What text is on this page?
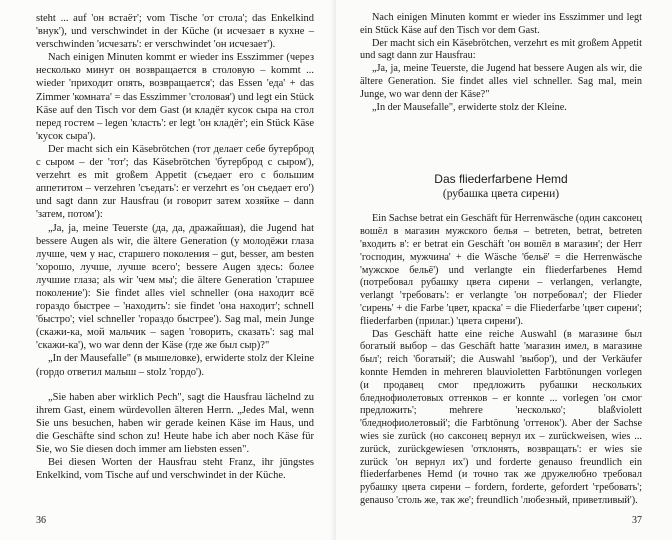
steht ... auf 'он встаёт'; vom Tische 'от стола'; das Enkelkind 'внук'), und verschwindet in der Küche (и исчезает в кухне – verschwinden 'исчезать': er verschwindet 'он исчезает').

Nach einigen Minuten kommt er wieder ins Esszimmer (через несколько минут он возвращается в столовую – kommt ... wieder 'приходит опять, возвращается'; das Essen 'еда' + das Zimmer 'комната' = das Esszimmer 'столовая') und legt ein Stück Käse auf den Tisch vor dem Gast (и кладёт кусок сыра на стол перед гостем – legen 'класть': er legt 'он кладёт'; ein Stück Käse 'кусок сыра').

Der macht sich ein Käsebrötchen (тот делает себе бутерброд с сыром – der 'тот'; das Käsebrötchen 'бутерброд с сыром'), verzehrt es mit großem Appetit (съедает его с большим аппетитом – verzehren 'съедать': er verzehrt es 'он съедает его') und sagt dann zur Hausfrau (и говорит затем хозяйке – dann 'затем, потом'):

„Ja, ja, meine Teuerste (да, да, дражайшая), die Jugend hat bessere Augen als wir, die ältere Generation (у молодёжи глаза лучше, чем у нас, старшего поколения – gut, besser, am besten 'хорошо, лучше, лучше всего'; bessere Augen здесь: более лучшие глаза; als wir 'чем мы'; die ältere Generation 'старшее поколение'): Sie findet alles viel schneller (она находит всё гораздо быстрее – 'находить': sie findet 'она находит'; schnell 'быстро'; viel schneller 'гораздо быстрее'). Sag mal, mein Junge (скажи-ка, мой мальчик – sagen 'говорить, сказать': sag mal 'скажи-ка'), wo war denn der Käse (где же был сыр)?"

„In der Mausefalle" (в мышеловке), erwiderte stolz der Kleine (гордо ответил малыш – stolz 'гордо').

„Sie haben aber wirklich Pech", sagt die Hausfrau lächelnd zu ihrem Gast, einem würdevollen älteren Herrn. „Jedes Mal, wenn Sie uns besuchen, haben wir gerade keinen Käse im Haus, und die Geschäfte sind schon zu! Heute habe ich aber noch Käse für Sie, wo Sie diesen doch immer am liebsten essen".

Bei diesen Worten der Hausfrau steht Franz, ihr jüngstes Enkelkind, vom Tische auf und verschwindet in der Küche.

36

Nach einigen Minuten kommt er wieder ins Esszimmer und legt ein Stück Käse auf den Tisch vor dem Gast.

Der macht sich ein Käsebrötchen, verzehrt es mit großem Appetit und sagt dann zur Hausfrau:

„Ja, ja, meine Teuerste, die Jugend hat bessere Augen als wir, die ältere Generation. Sie findet alles viel schneller. Sag mal, mein Junge, wo war denn der Käse?"

„In der Mausefalle", erwiderte stolz der Kleine.

Das fliederfarbene Hemd

(рубашка цвета сирени)

Ein Sachse betrat ein Geschäft für Herrenwäsche (один саксонец вошёл в магазин мужского белья – betreten, betrat, betreten 'входить в': er betrat ein Geschäft 'он вошёл в магазин'; der Herr 'господин, мужчина' + die Wäsche 'бельё' = die Herrenwäsche 'мужское бельё') und verlangte ein fliederfarbenes Hemd (потребовал рубашку цвета сирени – verlangen, verlangte, verlangt 'требовать': er verlangte 'он потребовал'; der Flieder 'сирень' + die Farbe 'цвет, краска' = die Fliederfarbe 'цвет сирени'; fliederfarben (прилаг.) 'цвета сирени').

Das Geschäft hatte eine reiche Auswahl (в магазине был богатый выбор – das Geschäft hatte 'магазин имел, в магазине был'; reich 'богатый'; die Auswahl 'выбор'), und der Verkäufer konnte Hemden in mehreren blauvioletten Farbtönungen vorlegen (и продавец смог предложить рубашки нескольких бледнофиолетовых оттенков – er konnte ... vorlegen 'он смог предложить'; mehrere 'несколько'; blaßviolett 'бледнофиолетовый'; die Farbtönung 'оттенок'). Aber der Sachse wies sie zurück (но саксонец вернул их – zurückweisen, wies ... zurück, zurückgewiesen 'отклонять, возвращать': er wies sie zurück 'он вернул их') und forderte genauso freundlich ein fliederfarbenes Hemd (и точно так же дружелюбно требовал рубашку цвета сирени – fordern, forderte, gefordert 'требовать'; genauso 'столь же, так же'; freundlich 'любезный, приветливый').

37
